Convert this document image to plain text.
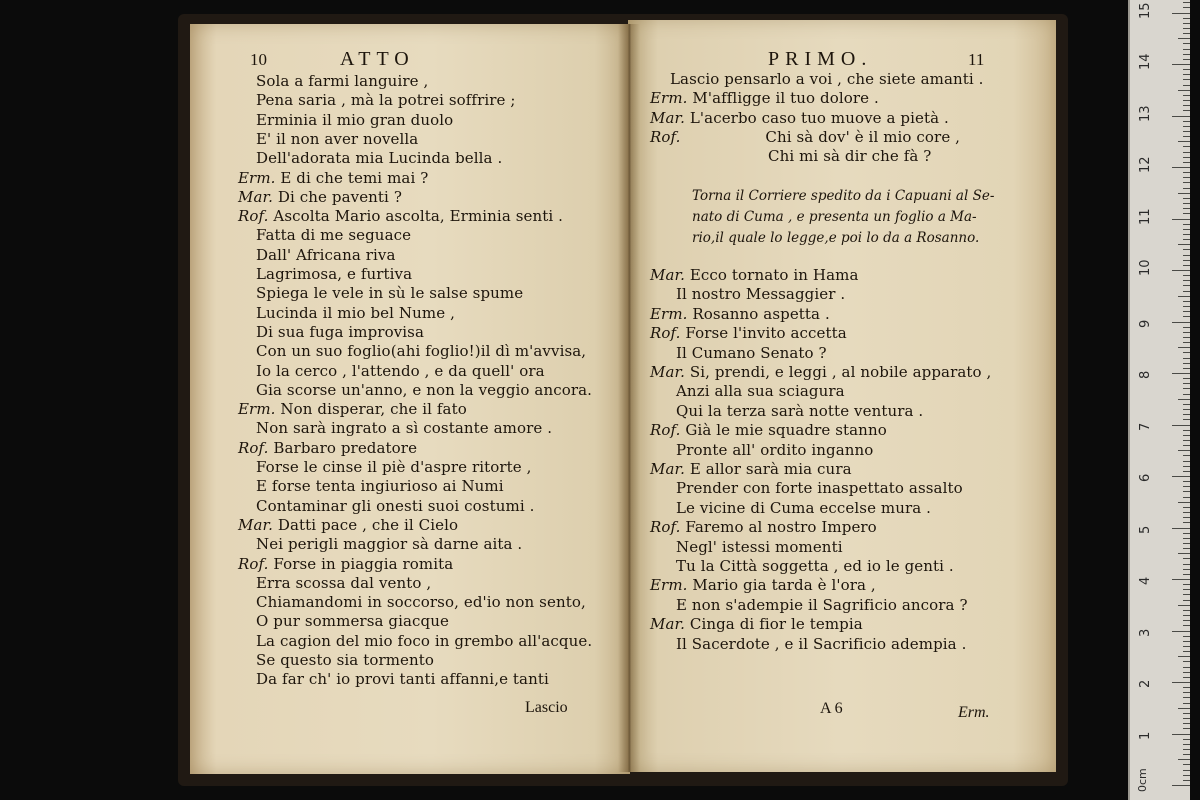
10	ATTO
Sola a farmi languire ,
Pena saria , mà la potrei soffrire ;
Erminia il mio gran duolo
E' il non aver novella
Dell'adorata mia Lucinda bella .
Erm. E di che temi mai ?
Mar. Di che paventi ?
Rof. Ascolta Mario ascolta, Erminia senti .
Fatta di me seguace
Dall' Africana riva
Lagrimosa, e furtiva
Spiega le vele in sù le salse spume
Lucinda il mio bel Nume ,
Di sua fuga improvisa
Con un suo foglio(ahi foglio!)il dì m'avvisa,
Io la cerco , l'attendo , e da quell' ora
Gia scorse un'anno, e non la veggio ancora.
Erm. Non disperar, che il fato
Non sarà ingrato a sì costante amore .
Rof. Barbaro predatore
Forse le cinse il piè d'aspre ritorte ,
E forse tenta ingiurioso ai Numi
Contaminar gli onesti suoi costumi .
Mar. Datti pace , che il Cielo
Nei perigli maggior sà darne aita .
Rof. Forse in piaggia romita
Erra scossa dal vento ,
Chiamandomi in soccorso, ed'io non sento,
O pur sommersa giacque
La cagion del mio foco in grembo all'acque.
Se questo sia tormento
Da far ch' io provi tanti affanni,e tanti
Lascio
PRIMO.	11
Lascio pensarlo a voi , che siete amanti .
Erm. M'affligge il tuo dolore .
Mar. L'acerbo caso tuo muove a pietà .
Rof.	Chi sà dov' è il mio core ,
Chi mi sà dir che fà ?
Torna il Corriere spedito da i Capuani al Se-
nato di Cuma , e presenta un foglio a Ma-
rio,il quale lo legge,e poi lo da a Rosanno.
Mar. Ecco tornato in Hama
Il nostro Messaggier .
Erm. Rosanno aspetta .
Rof. Forse l'invito accetta
Il Cumano Senato ?
Mar. Si, prendi, e leggi , al nobile apparato ,
Anzi alla sua sciagura
Qui la terza sarà notte ventura .
Rof. Già le mie squadre stanno
Pronte all' ordito inganno
Mar. E allor sarà mia cura
Prender con forte inaspettato assalto
Le vicine di Cuma eccelse mura .
Rof. Faremo al nostro Impero
Negl' istessi momenti
Tu la Città soggetta , ed io le genti .
Erm. Mario gia tarda è l'ora ,
E non s'adempie il Sagrificio ancora ?
Mar. Cinga di fior le tempia
Il Sacerdote , e il Sacrificio adempia .
A 6	Erm.
0cm
1
2
3
4
5
6
7
8
9
10
11
12
13
14
15
